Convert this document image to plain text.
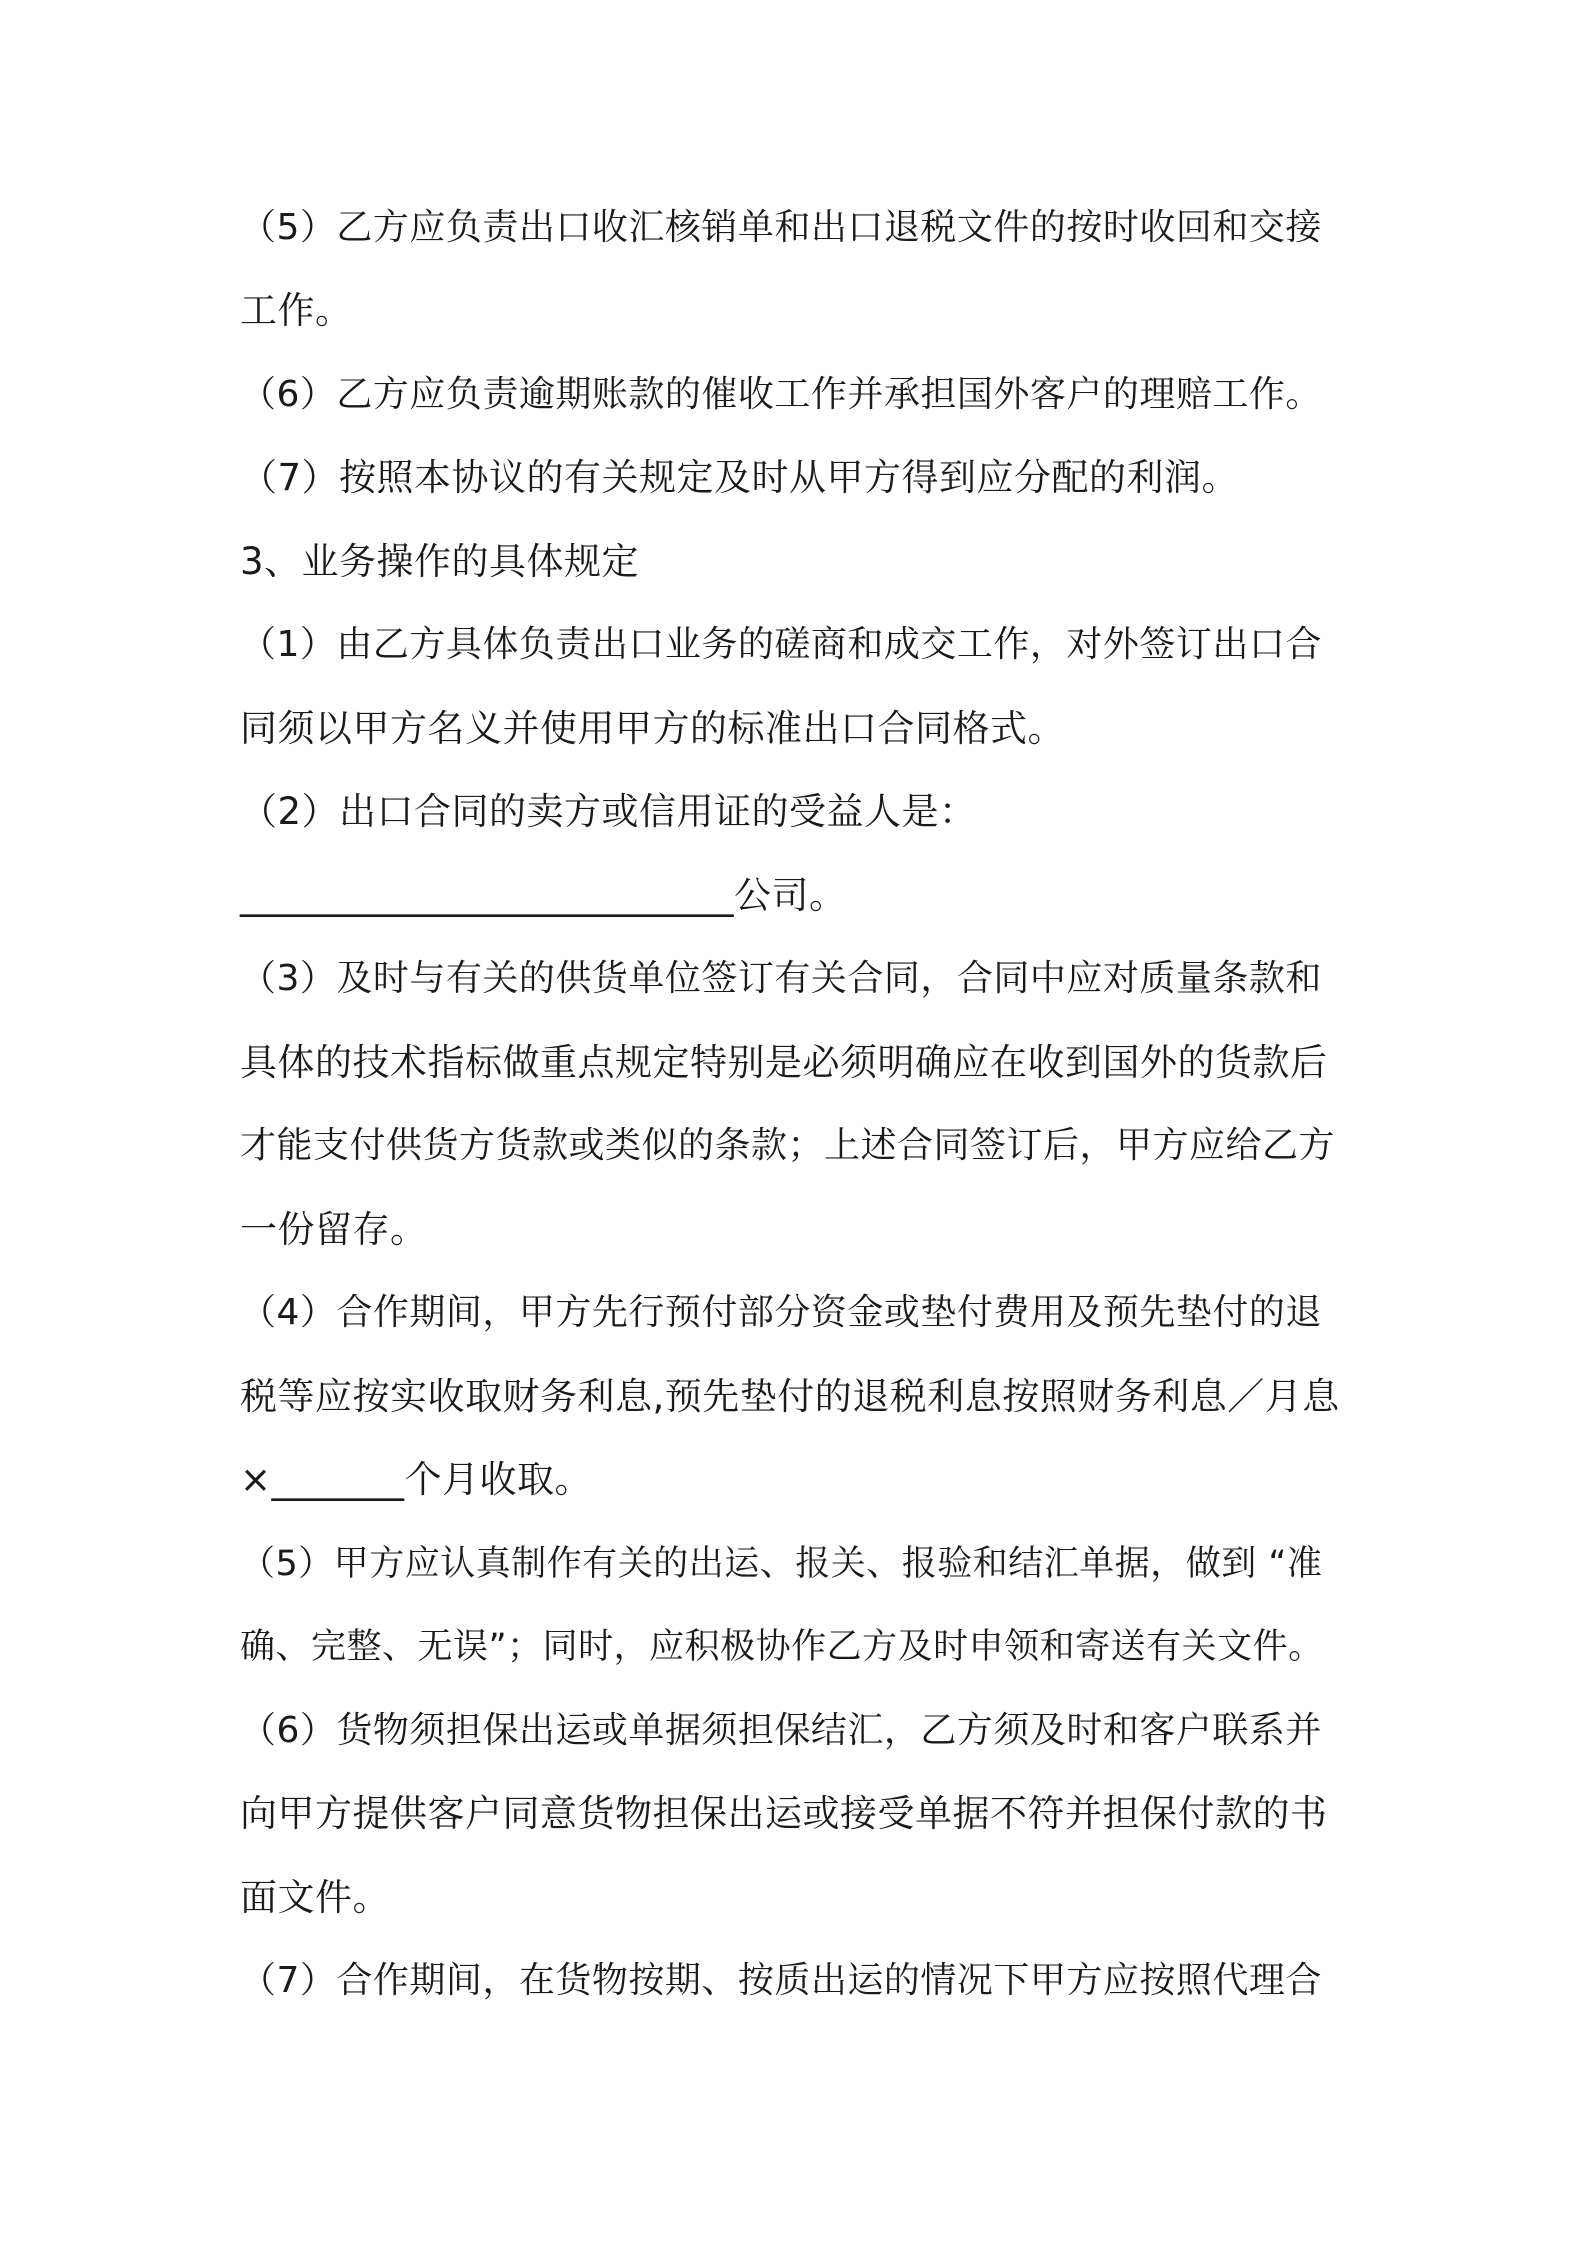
（5）乙方应负责出口收汇核销单和出口退税文件的按时收回和交接

工作。

（6）乙方应负责逾期账款的催收工作并承担国外客户的理赔工作。

（7）按照本协议的有关规定及时从甲方得到应分配的利润。

3、业务操作的具体规定

（1）由乙方具体负责出口业务的磋商和成交工作，对外签订出口合

同须以甲方名义并使用甲方的标准出口合同格式。

（2）出口合同的卖方或信用证的受益人是：

__________________________公司。

（3）及时与有关的供货单位签订有关合同，合同中应对质量条款和

具体的技术指标做重点规定特别是必须明确应在收到国外的货款后

才能支付供货方货款或类似的条款；上述合同签订后，甲方应给乙方

一份留存。

（4）合作期间，甲方先行预付部分资金或垫付费用及预先垫付的退

税等应按实收取财务利息,预先垫付的退税利息按照财务利息／月息

×_______个月收取。

（5）甲方应认真制作有关的出运、报关、报验和结汇单据，做到 “准

确、完整、无误”；同时，应积极协作乙方及时申领和寄送有关文件。

（6）货物须担保出运或单据须担保结汇，乙方须及时和客户联系并

向甲方提供客户同意货物担保出运或接受单据不符并担保付款的书

面文件。

（7）合作期间，在货物按期、按质出运的情况下甲方应按照代理合
